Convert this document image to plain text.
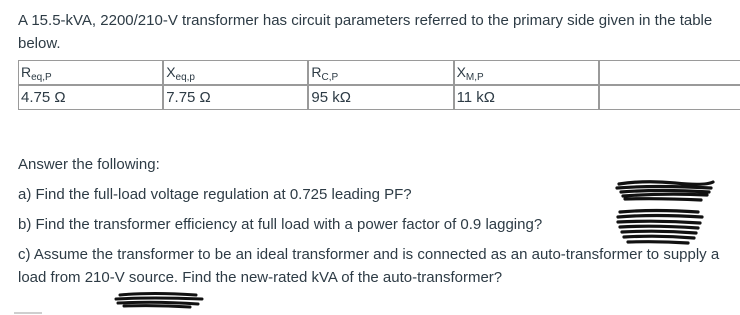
A 15.5-kVA, 2200/210-V transformer has circuit parameters referred to the primary side given in the table below.

$R_{eq,P}$	$X_{eq,p}$	$R_{C,P}$	$X_{M,P}$	
4.75 Ω	7.75 Ω	95 kΩ	11 kΩ	

Answer the following:

a) Find the full-load voltage regulation at 0.725 leading PF?

b) Find the transformer efficiency at full load with a power factor of 0.9 lagging?

c) Assume the transformer to be an ideal transformer and is connected as an auto-transformer to supply a load from 210-V source. Find the new-rated kVA of the auto-transformer?
